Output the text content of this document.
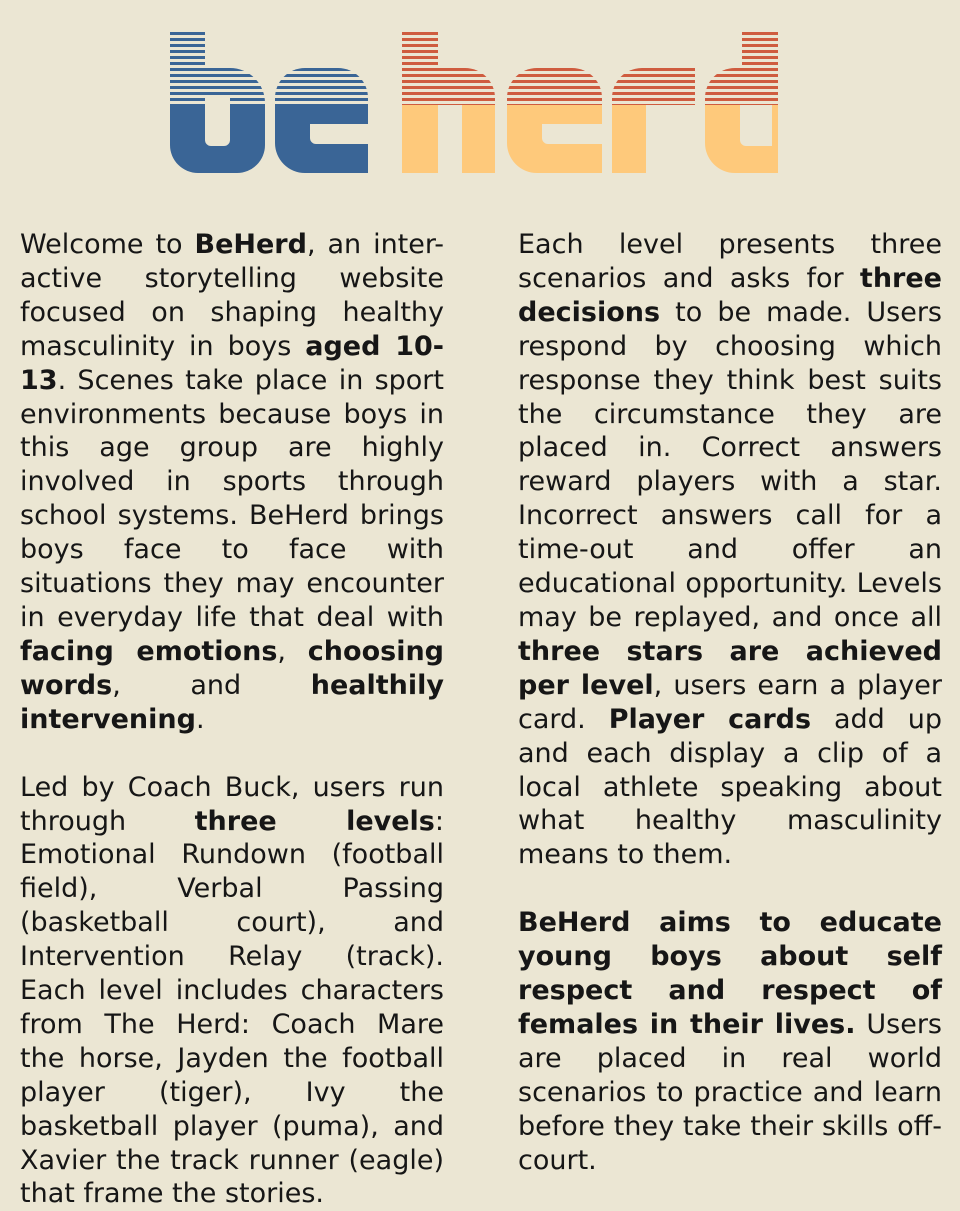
Welcome to BeHerd, an inter-active storytelling website focused on shaping healthy masculinity in boys aged 10-13. Scenes take place in sport environments because boys in this age group are highly involved in sports through school systems. BeHerd brings boys face to face with situations they may encounter in everyday life that deal with facing emotions, choosing words, and healthily intervening.

Led by Coach Buck, users run through three levels: Emotional Rundown (football field), Verbal Passing (basketball court), and Intervention Relay (track). Each level includes characters from The Herd: Coach Mare the horse, Jayden the football player (tiger), Ivy the basketball player (puma), and Xavier the track runner (eagle) that frame the stories.

Each level presents three scenarios and asks for three decisions to be made. Users respond by choosing which response they think best suits the circumstance they are placed in. Correct answers reward players with a star. Incorrect answers call for a time-out and offer an educational opportunity. Levels may be replayed, and once all three stars are achieved per level, users earn a player card. Player cards add up and each display a clip of a local athlete speaking about what healthy masculinity means to them.

BeHerd aims to educate young boys about self respect and respect of females in their lives. Users are placed in real world scenarios to practice and learn before they take their skills off-court.
